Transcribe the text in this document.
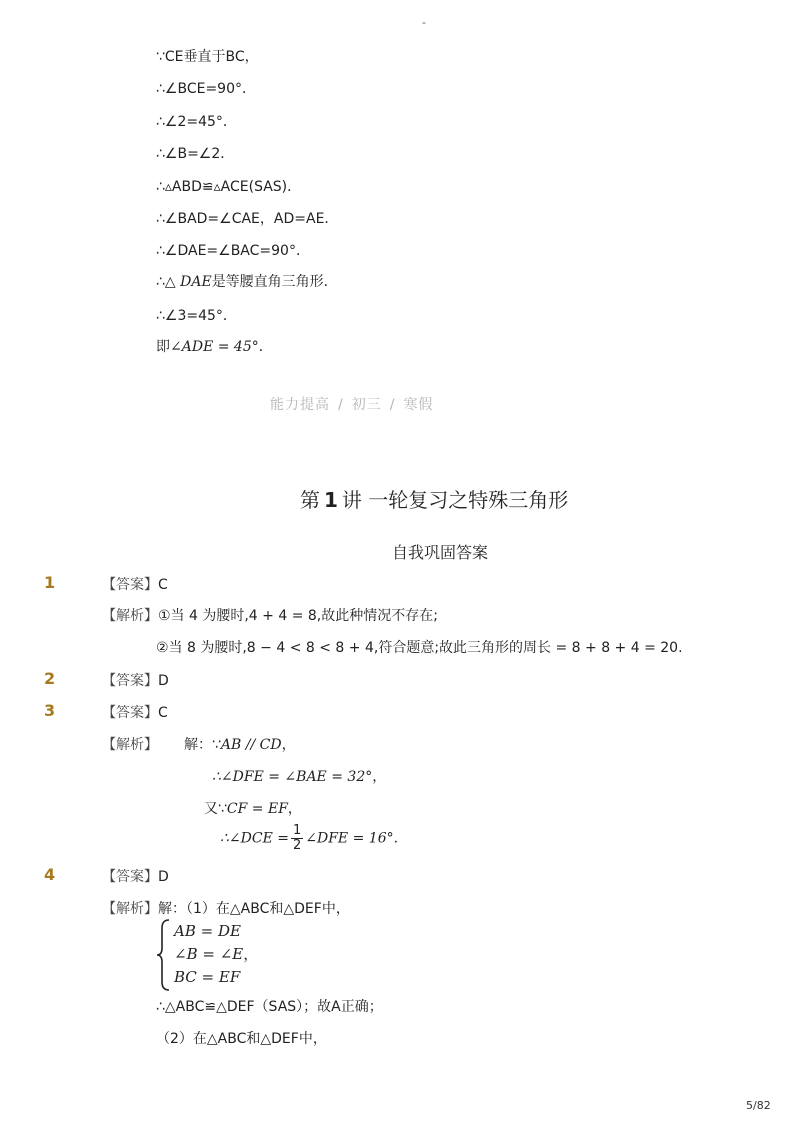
-
∵CE垂直于BC，
∴∠BCE=90°．
∴∠2=45°．
∴∠B=∠2．
∴▵ABD≌▵ACE(SAS)．
∴∠BAD=∠CAE，AD=AE．
∴∠DAE=∠BAC=90°．
∴△ DAE是等腰直角三角形．
∴∠3=45°．
即∠ADE = 45°．
能力提高 / 初三 / 寒假
第 1 讲 一轮复习之特殊三角形
自我巩固答案
1	【答案】C
【解析】①当 4 为腰时,4 + 4 = 8,故此种情况不存在;
②当 8 为腰时,8 − 4 < 8 < 8 + 4,符合题意;故此三角形的周长 = 8 + 8 + 4 = 20.
2	【答案】D
3	【答案】C
【解析】 解：∵AB // CD，
∴∠DFE = ∠BAE = 32°，
又∵CF = EF，
∴∠DCE = $\frac{1}{2}$ ∠DFE = 16°.
4	【答案】D
【解析】解：（1）在△ABC和△DEF中，
AB = DE
∠B = ∠E，
BC = EF
∴△ABC≌△DEF（SAS）；故A正确；
（2）在△ABC和△DEF中，
5/82
